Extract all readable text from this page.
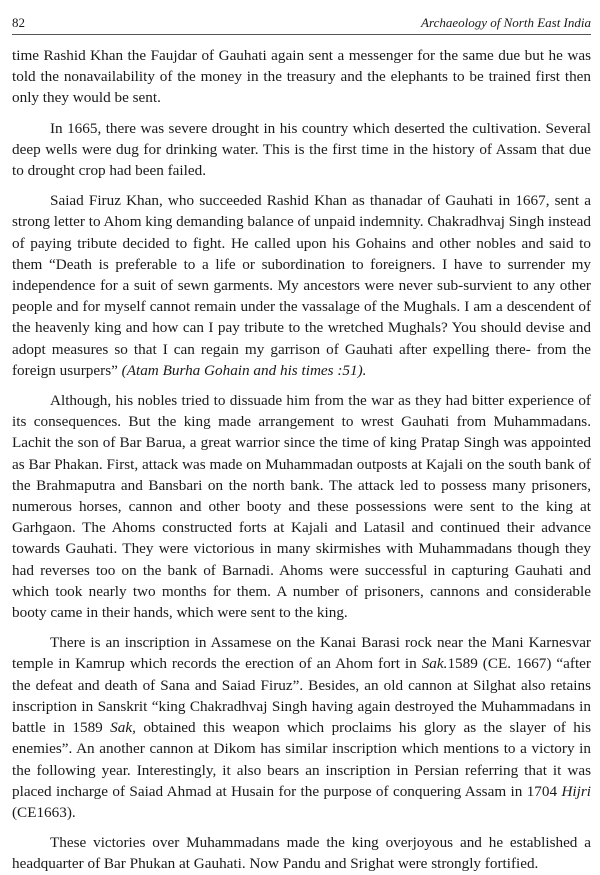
82	Archaeology of North East India

time Rashid Khan the Faujdar of Gauhati again sent a messenger for the same due but he was told the nonavailability of the money in the treasury and the elephants to be trained first then only they would be sent.

In 1665, there was severe drought in his country which deserted the cultivation. Several deep wells were dug for drinking water. This is the first time in the history of Assam that due to drought crop had been failed.

Saiad Firuz Khan, who succeeded Rashid Khan as thanadar of Gauhati in 1667, sent a strong letter to Ahom king demanding balance of unpaid indemnity. Chakradhvaj Singh instead of paying tribute decided to fight. He called upon his Gohains and other nobles and said to them “Death is preferable to a life or subordination to foreigners. I have to surrender my independence for a suit of sewn garments. My ancestors were never sub-survient to any other people and for myself cannot remain under the vassalage of the Mughals. I am a descendent of the heavenly king and how can I pay tribute to the wretched Mughals? You should devise and adopt measures so that I can regain my garrison of Gauhati after expelling there- from the foreign usurpers” (Atam Burha Gohain and his times :51).

Although, his nobles tried to dissuade him from the war as they had bitter experience of its consequences. But the king made arrangement to wrest Gauhati from Muhammadans. Lachit the son of Bar Barua, a great warrior since the time of king Pratap Singh was appointed as Bar Phakan. First, attack was made on Muhammadan outposts at Kajali on the south bank of the Brahmaputra and Bansbari on the north bank. The attack led to possess many prisoners, numerous horses, cannon and other booty and these possessions were sent to the king at Garhgaon. The Ahoms constructed forts at Kajali and Latasil and continued their advance towards Gauhati. They were victorious in many skirmishes with Muhammadans though they had reverses too on the bank of Barnadi. Ahoms were successful in capturing Gauhati and which took nearly two months for them. A number of prisoners, cannons and considerable booty came in their hands, which were sent to the king.

There is an inscription in Assamese on the Kanai Barasi rock near the Mani Karnesvar temple in Kamrup which records the erection of an Ahom fort in Sak.1589 (CE. 1667) “after the defeat and death of Sana and Saiad Firuz”. Besides, an old cannon at Silghat also retains inscription in Sanskrit “king Chakradhvaj Singh having again destroyed the Muhammadans in battle in 1589 Sak, obtained this weapon which proclaims his glory as the slayer of his enemies”. An another cannon at Dikom has similar inscription which mentions to a victory in the following year. Interestingly, it also bears an inscription in Persian referring that it was placed incharge of Saiad Ahmad at Husain for the purpose of conquering Assam in 1704 Hijri (CE1663).

These victories over Muhammadans made the king overjoyous and he established a headquarter of Bar Phukan at Gauhati. Now Pandu and Srighat were strongly fortified.
